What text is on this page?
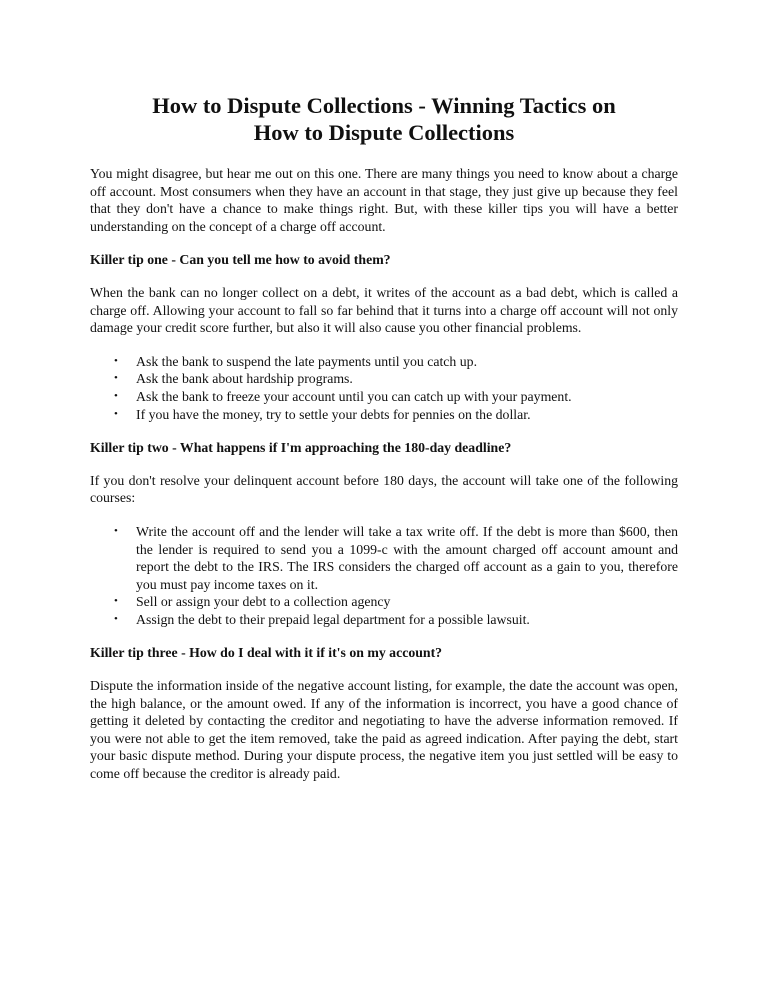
How to Dispute Collections - Winning Tactics on
How to Dispute Collections

You might disagree, but hear me out on this one. There are many things you need to know about a charge off account. Most consumers when they have an account in that stage, they just give up because they feel that they don't have a chance to make things right. But, with these killer tips you will have a better understanding on the concept of a charge off account.

Killer tip one - Can you tell me how to avoid them?

When the bank can no longer collect on a debt, it writes of the account as a bad debt, which is called a charge off. Allowing your account to fall so far behind that it turns into a charge off account will not only damage your credit score further, but also it will also cause you other financial problems.

•	Ask the bank to suspend the late payments until you catch up.
•	Ask the bank about hardship programs.
•	Ask the bank to freeze your account until you can catch up with your payment.
•	If you have the money, try to settle your debts for pennies on the dollar.

Killer tip two - What happens if I'm approaching the 180-day deadline?

If you don't resolve your delinquent account before 180 days, the account will take one of the following courses:

•	Write the account off and the lender will take a tax write off. If the debt is more than $600, then the lender is required to send you a 1099-c with the amount charged off account amount and report the debt to the IRS. The IRS considers the charged off account as a gain to you, therefore you must pay income taxes on it.
•	Sell or assign your debt to a collection agency
•	Assign the debt to their prepaid legal department for a possible lawsuit.

Killer tip three - How do I deal with it if it's on my account?

Dispute the information inside of the negative account listing, for example, the date the account was open, the high balance, or the amount owed. If any of the information is incorrect, you have a good chance of getting it deleted by contacting the creditor and negotiating to have the adverse information removed. If you were not able to get the item removed, take the paid as agreed indication. After paying the debt, start your basic dispute method. During your dispute process, the negative item you just settled will be easy to come off because the creditor is already paid.
